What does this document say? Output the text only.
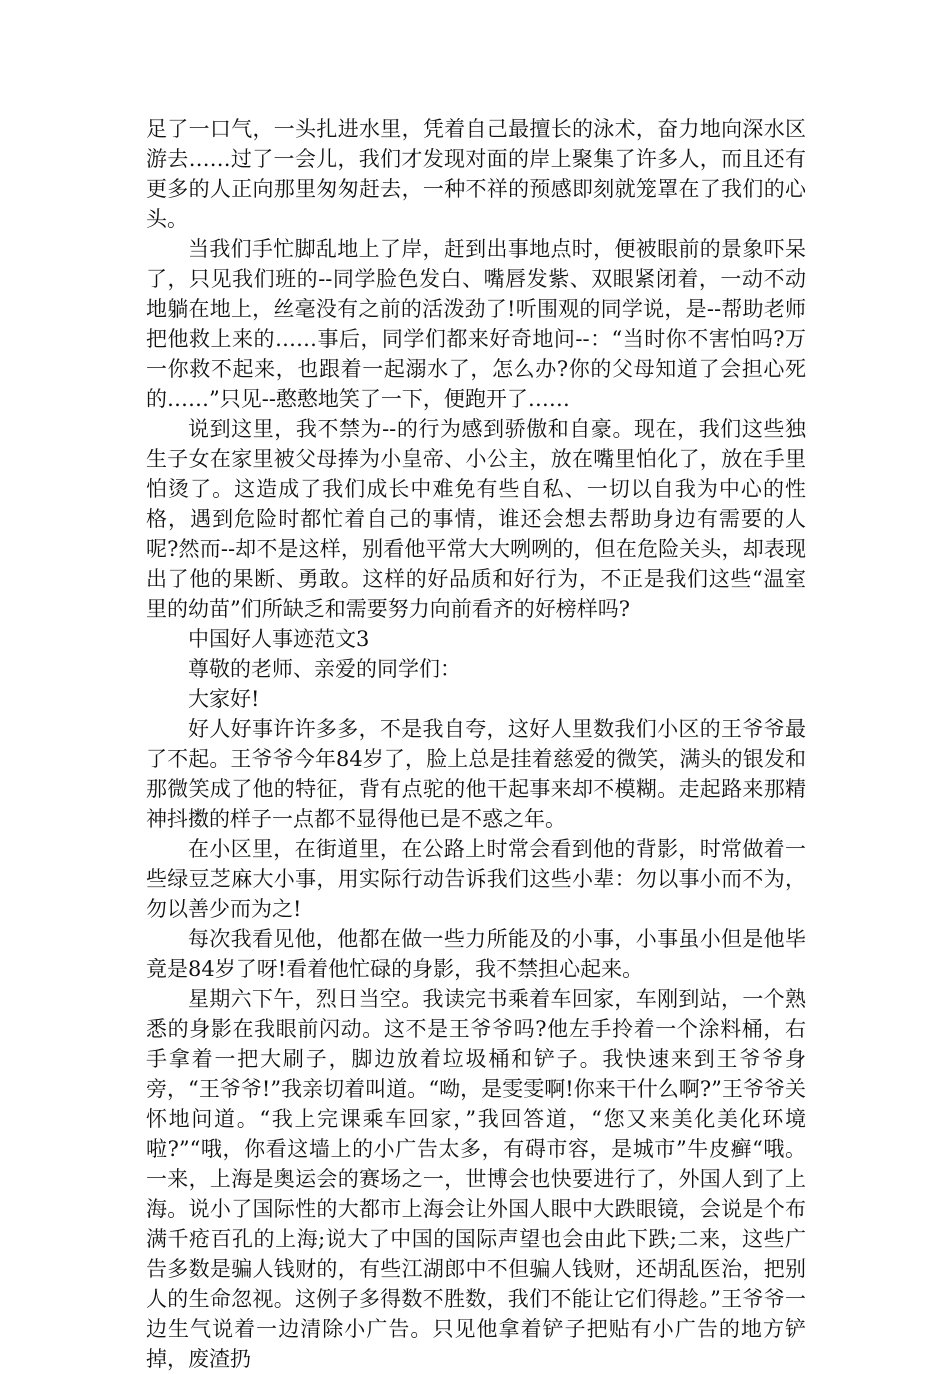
足了一口气，一头扎进水里，凭着自己最擅长的泳术，奋力地向深水区游去……过了一会儿，我们才发现对面的岸上聚集了许多人，而且还有更多的人正向那里匆匆赶去，一种不祥的预感即刻就笼罩在了我们的心头。

当我们手忙脚乱地上了岸，赶到出事地点时，便被眼前的景象吓呆了，只见我们班的--同学脸色发白、嘴唇发紫、双眼紧闭着，一动不动地躺在地上，丝毫没有之前的活泼劲了!听围观的同学说，是--帮助老师把他救上来的……事后，同学们都来好奇地问--：“当时你不害怕吗?万一你救不起来，也跟着一起溺水了，怎么办?你的父母知道了会担心死的……”只见--憨憨地笑了一下，便跑开了……

说到这里，我不禁为--的行为感到骄傲和自豪。现在，我们这些独生子女在家里被父母捧为小皇帝、小公主，放在嘴里怕化了，放在手里怕烫了。这造成了我们成长中难免有些自私、一切以自我为中心的性格，遇到危险时都忙着自己的事情，谁还会想去帮助身边有需要的人呢?然而--却不是这样，别看他平常大大咧咧的，但在危险关头，却表现出了他的果断、勇敢。这样的好品质和好行为，不正是我们这些“温室里的幼苗”们所缺乏和需要努力向前看齐的好榜样吗?

中国好人事迹范文3

尊敬的老师、亲爱的同学们：

大家好!

好人好事许许多多，不是我自夸，这好人里数我们小区的王爷爷最了不起。王爷爷今年84岁了，脸上总是挂着慈爱的微笑，满头的银发和那微笑成了他的特征，背有点驼的他干起事来却不模糊。走起路来那精神抖擞的样子一点都不显得他已是不惑之年。

在小区里，在街道里，在公路上时常会看到他的背影，时常做着一些绿豆芝麻大小事，用实际行动告诉我们这些小辈：勿以事小而不为，勿以善少而为之!

每次我看见他，他都在做一些力所能及的小事，小事虽小但是他毕竟是84岁了呀!看着他忙碌的身影，我不禁担心起来。

星期六下午，烈日当空。我读完书乘着车回家，车刚到站，一个熟悉的身影在我眼前闪动。这不是王爷爷吗?他左手拎着一个涂料桶，右手拿着一把大刷子，脚边放着垃圾桶和铲子。我快速来到王爷爷身旁，“王爷爷!”我亲切着叫道。“呦，是雯雯啊!你来干什么啊?”王爷爷关怀地问道。“我上完课乘车回家，”我回答道，“您又来美化美化环境啦?”“哦，你看这墙上的小广告太多，有碍市容，是城市”牛皮癣“哦。一来，上海是奥运会的赛场之一，世博会也快要进行了，外国人到了上海。说小了国际性的大都市上海会让外国人眼中大跌眼镜，会说是个布满千疮百孔的上海;说大了中国的国际声望也会由此下跌;二来，这些广告多数是骗人钱财的，有些江湖郎中不但骗人钱财，还胡乱医治，把别人的生命忽视。这例子多得数不胜数，我们不能让它们得趁。”王爷爷一边生气说着一边清除小广告。只见他拿着铲子把贴有小广告的地方铲掉，废渣扔
